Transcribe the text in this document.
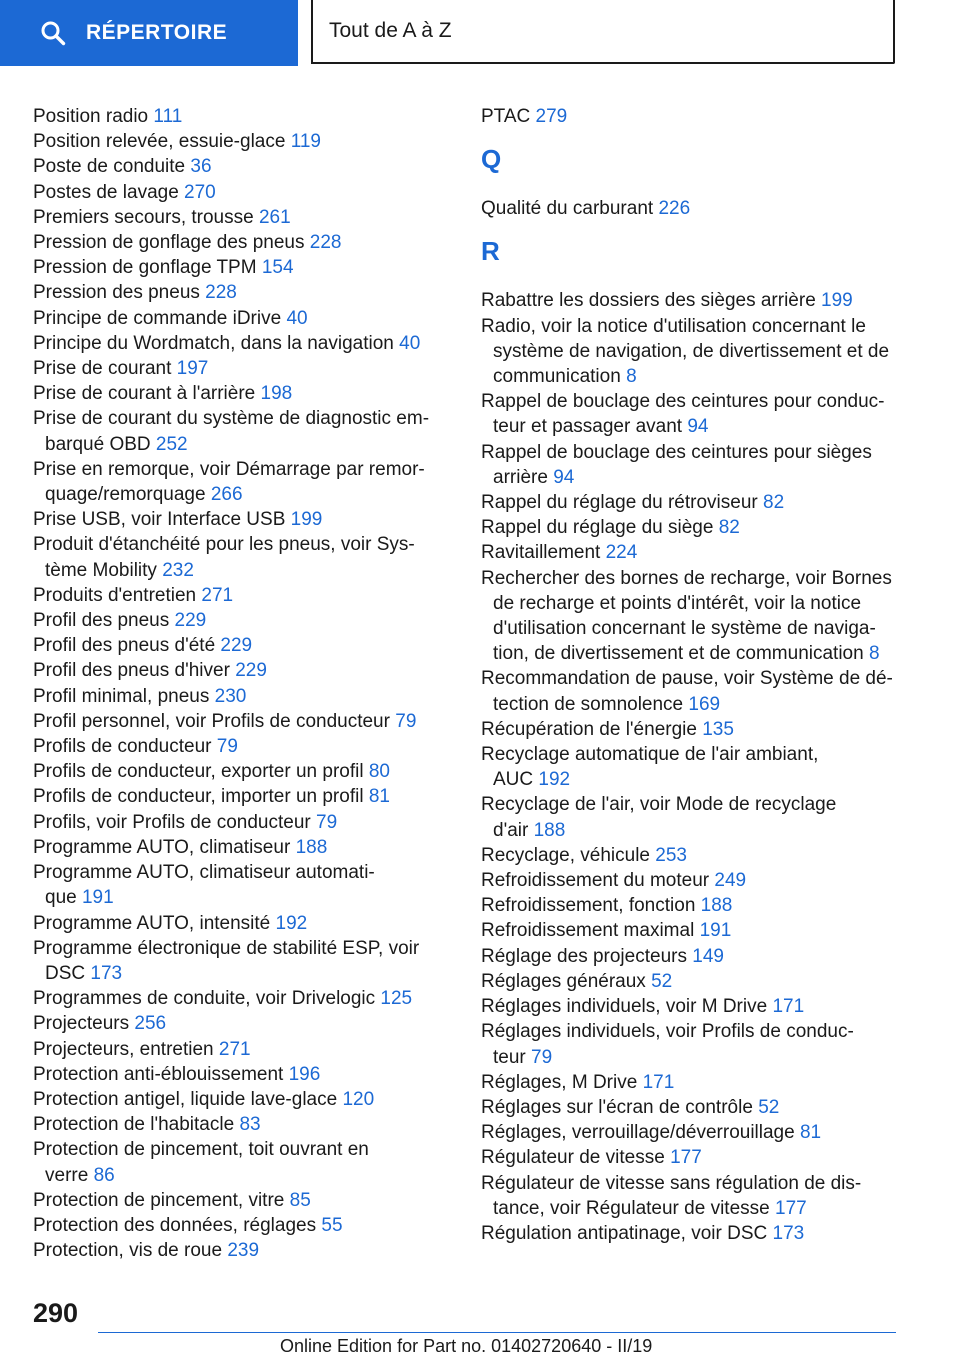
RÉPERTOIRE	Tout de A à Z
Position radio 111
Position relevée, essuie-glace 119
Poste de conduite 36
Postes de lavage 270
Premiers secours, trousse 261
Pression de gonflage des pneus 228
Pression de gonflage TPM 154
Pression des pneus 228
Principe de commande iDrive 40
Principe du Wordmatch, dans la navigation 40
Prise de courant 197
Prise de courant à l'arrière 198
Prise de courant du système de diagnostic em-
barqué OBD 252
Prise en remorque, voir Démarrage par remor-
quage/remorquage 266
Prise USB, voir Interface USB 199
Produit d'étanchéité pour les pneus, voir Sys-
tème Mobility 232
Produits d'entretien 271
Profil des pneus 229
Profil des pneus d'été 229
Profil des pneus d'hiver 229
Profil minimal, pneus 230
Profil personnel, voir Profils de conducteur 79
Profils de conducteur 79
Profils de conducteur, exporter un profil 80
Profils de conducteur, importer un profil 81
Profils, voir Profils de conducteur 79
Programme AUTO, climatiseur 188
Programme AUTO, climatiseur automati-
que 191
Programme AUTO, intensité 192
Programme électronique de stabilité ESP, voir
DSC 173
Programmes de conduite, voir Drivelogic 125
Projecteurs 256
Projecteurs, entretien 271
Protection anti-éblouissement 196
Protection antigel, liquide lave-glace 120
Protection de l'habitacle 83
Protection de pincement, toit ouvrant en
verre 86
Protection de pincement, vitre 85
Protection des données, réglages 55
Protection, vis de roue 239
PTAC 279
Q
Qualité du carburant 226
R
Rabattre les dossiers des sièges arrière 199
Radio, voir la notice d'utilisation concernant le
système de navigation, de divertissement et de
communication 8
Rappel de bouclage des ceintures pour conduc-
teur et passager avant 94
Rappel de bouclage des ceintures pour sièges
arrière 94
Rappel du réglage du rétroviseur 82
Rappel du réglage du siège 82
Ravitaillement 224
Rechercher des bornes de recharge, voir Bornes
de recharge et points d'intérêt, voir la notice
d'utilisation concernant le système de naviga-
tion, de divertissement et de communication 8
Recommandation de pause, voir Système de dé-
tection de somnolence 169
Récupération de l'énergie 135
Recyclage automatique de l'air ambiant,
AUC 192
Recyclage de l'air, voir Mode de recyclage
d'air 188
Recyclage, véhicule 253
Refroidissement du moteur 249
Refroidissement, fonction 188
Refroidissement maximal 191
Réglage des projecteurs 149
Réglages généraux 52
Réglages individuels, voir M Drive 171
Réglages individuels, voir Profils de conduc-
teur 79
Réglages, M Drive 171
Réglages sur l'écran de contrôle 52
Réglages, verrouillage/déverrouillage 81
Régulateur de vitesse 177
Régulateur de vitesse sans régulation de dis-
tance, voir Régulateur de vitesse 177
Régulation antipatinage, voir DSC 173
290
Online Edition for Part no. 01402720640 - II/19
